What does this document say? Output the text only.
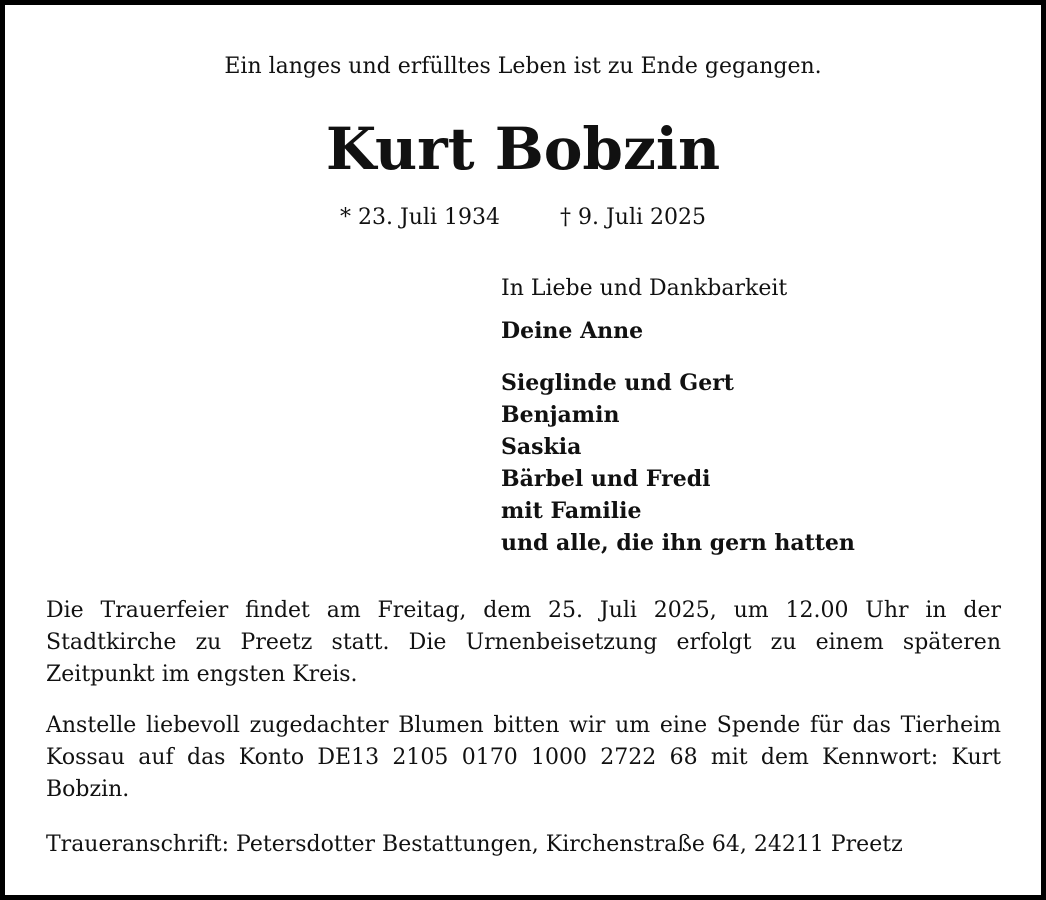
Ein langes und erfülltes Leben ist zu Ende gegangen.
Kurt Bobzin
* 23. Juli 1934	† 9. Juli 2025
In Liebe und Dankbarkeit
Deine Anne
Sieglinde und Gert
Benjamin
Saskia
Bärbel und Fredi
mit Familie
und alle, die ihn gern hatten
Die Trauerfeier findet am Freitag, dem 25. Juli 2025, um 12.00 Uhr in der Stadtkirche zu Preetz statt. Die Urnenbeisetzung erfolgt zu einem späteren Zeitpunkt im engsten Kreis.
Anstelle liebevoll zugedachter Blumen bitten wir um eine Spende für das Tierheim Kossau auf das Konto DE13 2105 0170 1000 2722 68 mit dem Kennwort: Kurt Bobzin.
Traueranschrift: Petersdotter Bestattungen, Kirchenstraße 64, 24211 Preetz
